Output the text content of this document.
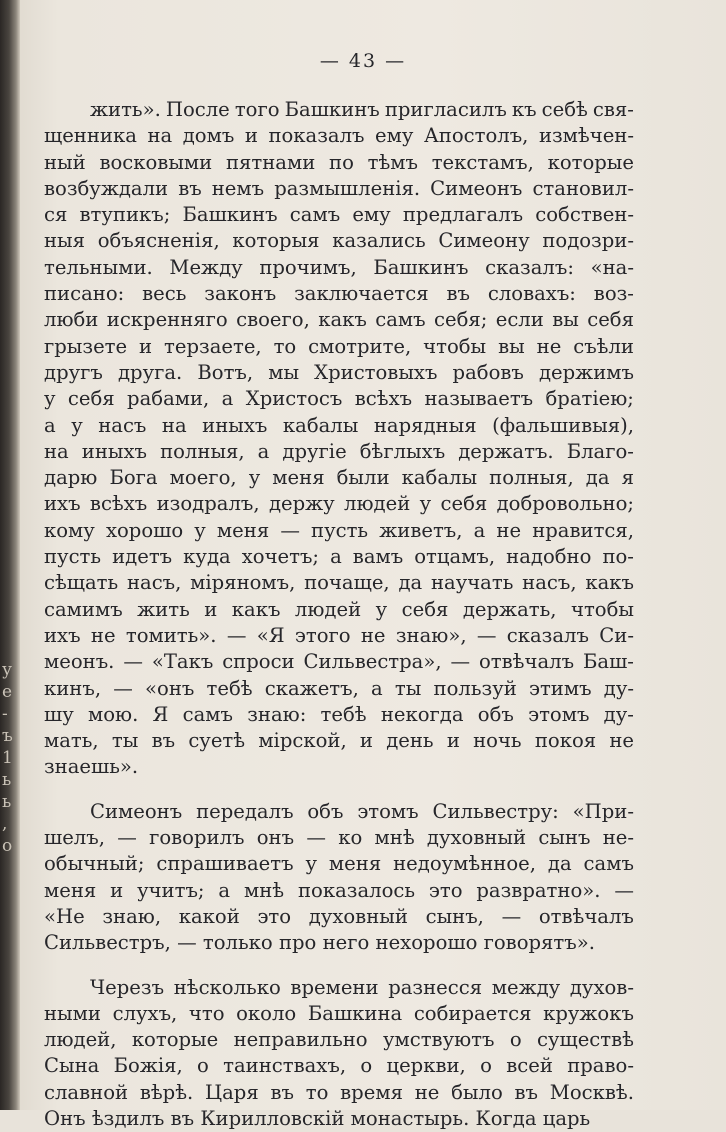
у
е
-
ъ
1
ь
ь
,
о
— 43 —
жить». После того Башкинъ пригласилъ къ себѣ свя-
щенника на домъ и показалъ ему Апостолъ, измѣчен-
ный восковыми пятнами по тѣмъ текстамъ, которые
возбуждали въ немъ размышленія. Симеонъ становил-
ся втупикъ; Башкинъ самъ ему предлагалъ собствен-
ныя объясненія, которыя казались Симеону подозри-
тельными. Между прочимъ, Башкинъ сказалъ: «на-
писано: весь законъ заключается въ словахъ: воз-
люби искренняго своего, какъ самъ себя; если вы себя
грызете и терзаете, то смотрите, чтобы вы не съѣли
другъ друга. Вотъ, мы Христовыхъ рабовъ держимъ
у себя рабами, а Христосъ всѣхъ называетъ братіею;
а у насъ на иныхъ кабалы нарядныя (фальшивыя),
на иныхъ полныя, а другіе бѣглыхъ держатъ. Благо-
дарю Бога моего, у меня были кабалы полныя, да я
ихъ всѣхъ изодралъ, держу людей у себя добровольно;
кому хорошо у меня — пусть живетъ, а не нравится,
пусть идетъ куда хочетъ; а вамъ отцамъ, надобно по-
сѣщать насъ, міряномъ, почаще, да научать насъ, какъ
самимъ жить и какъ людей у себя держать, чтобы
ихъ не томить». — «Я этого не знаю», — сказалъ Си-
меонъ. — «Такъ спроси Сильвестра», — отвѣчалъ Баш-
кинъ, — «онъ тебѣ скажетъ, а ты пользуй этимъ ду-
шу мою. Я самъ знаю: тебѣ некогда объ этомъ ду-
мать, ты въ суетѣ мірской, и день и ночь покоя не
знаешь».
Симеонъ передалъ объ этомъ Сильвестру: «При-
шелъ, — говорилъ онъ — ко мнѣ духовный сынъ не-
обычный; спрашиваетъ у меня недоумѣнное, да самъ
меня и учитъ; а мнѣ показалось это развратно». —
«Не знаю, какой это духовный сынъ, — отвѣчалъ
Сильвестръ, — только про него нехорошо говорятъ».
Черезъ нѣсколько времени разнесся между духов-
ными слухъ, что около Башкина собирается кружокъ
людей, которые неправильно умствуютъ о существѣ
Сына Божія, о таинствахъ, о церкви, о всей право-
славной вѣрѣ. Царя въ то время не было въ Москвѣ.
Онъ ѣздилъ въ Кирилловскій монастырь. Когда царь
